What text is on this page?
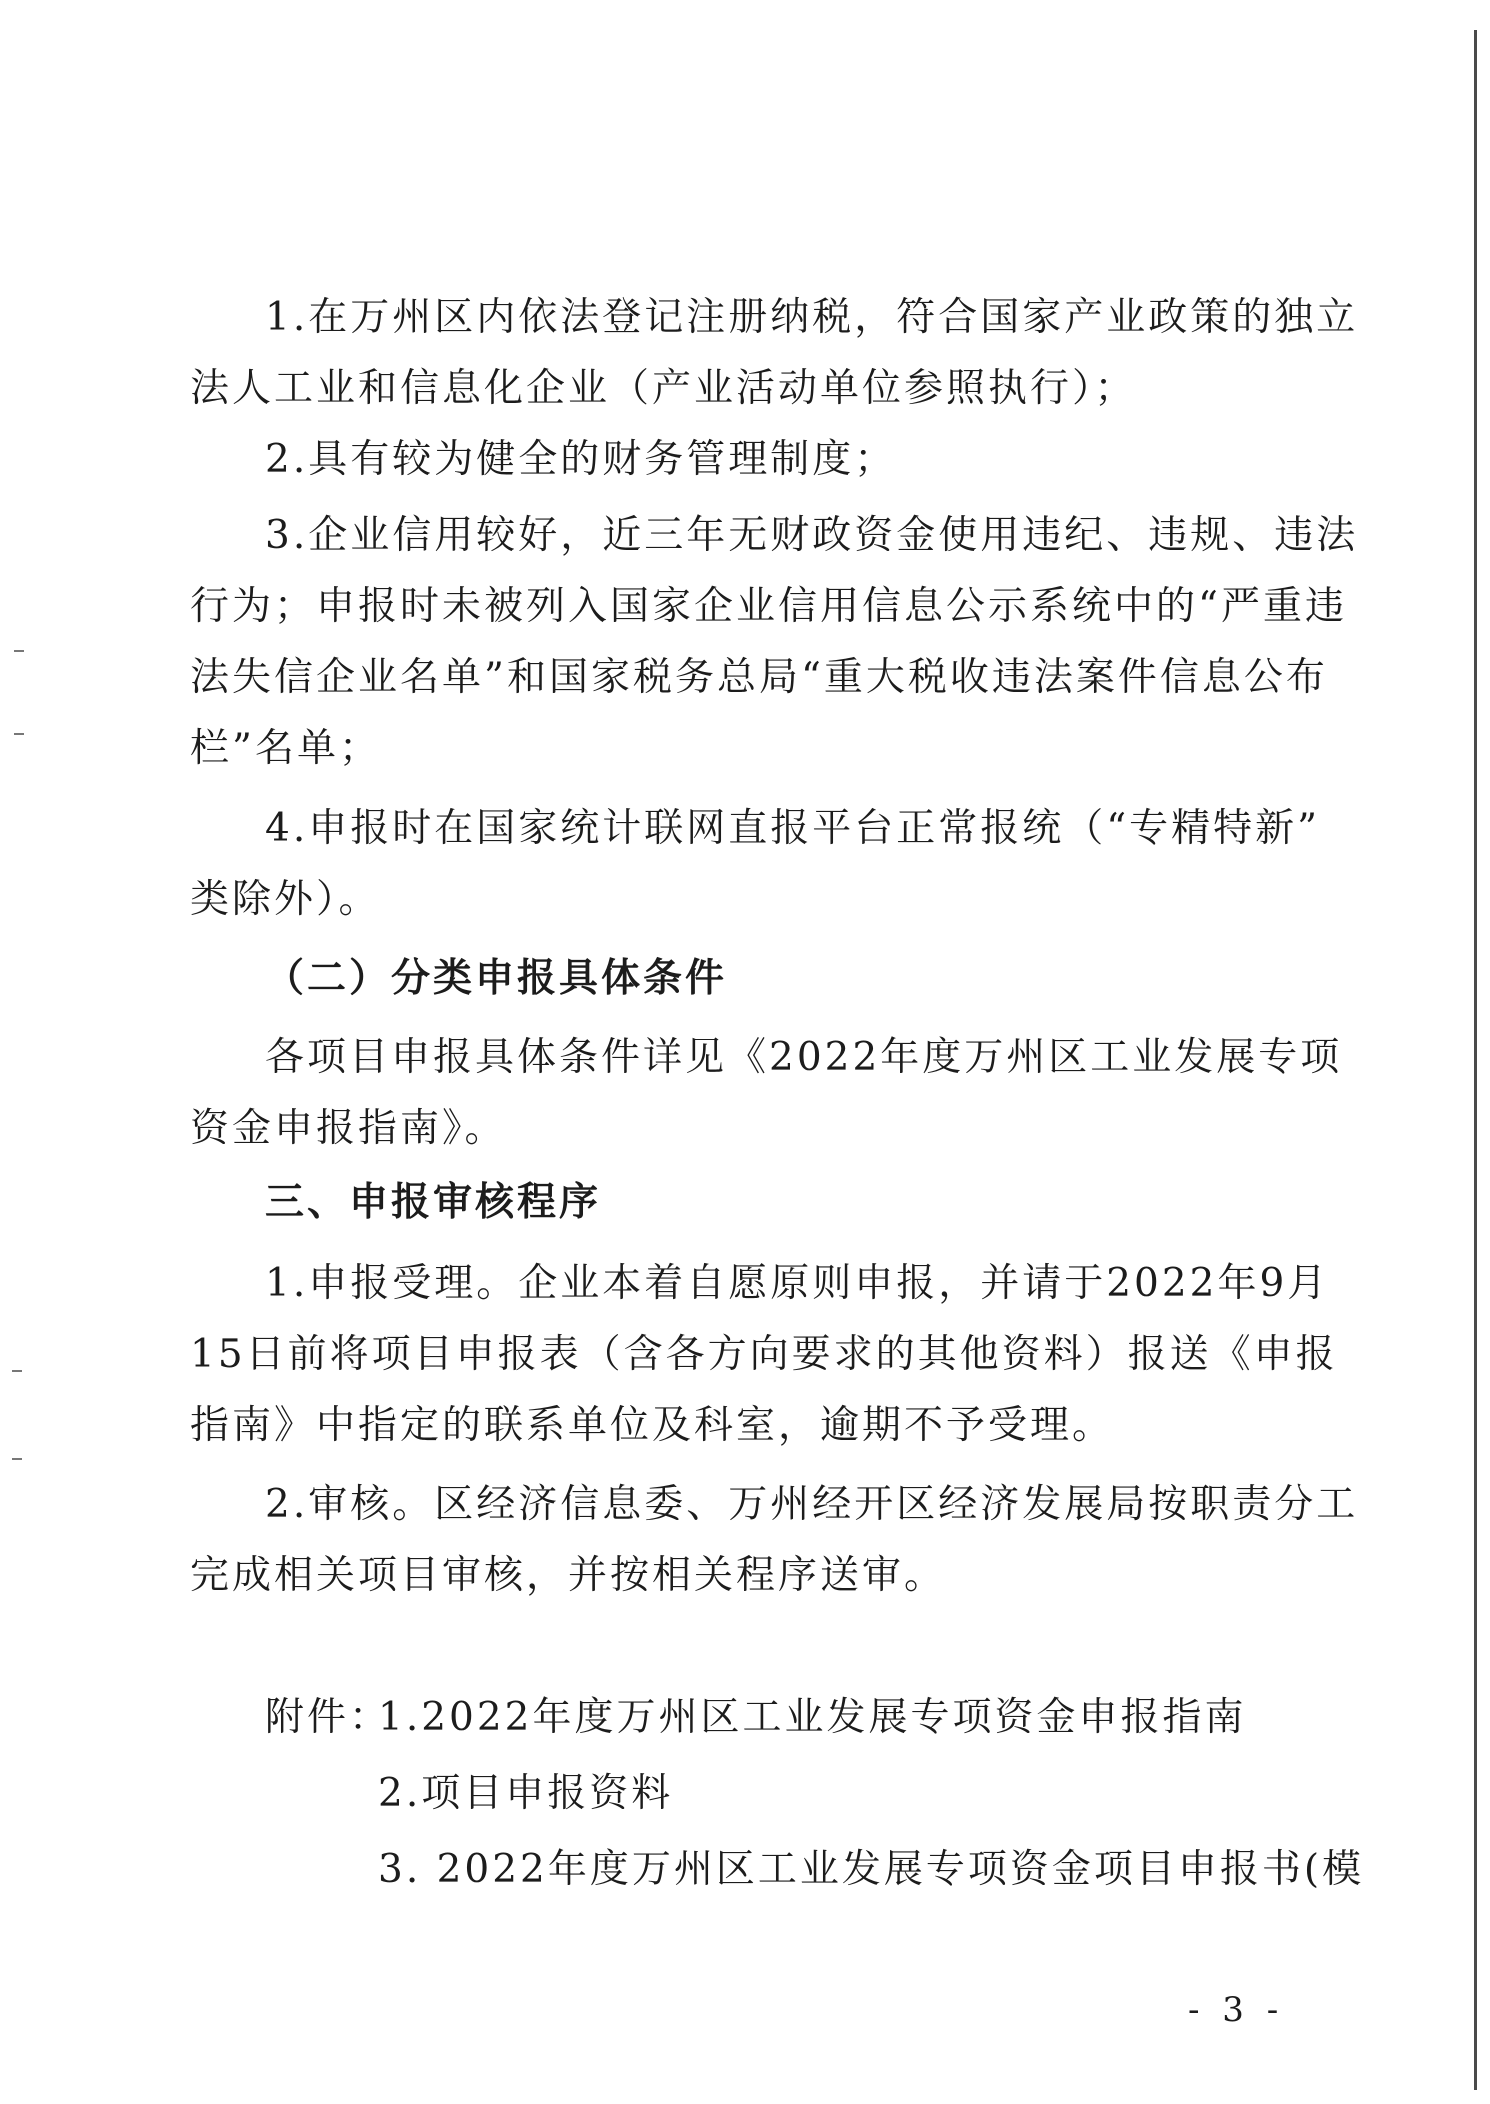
1.在万州区内依法登记注册纳税，符合国家产业政策的独立
法人工业和信息化企业（产业活动单位参照执行）；
2.具有较为健全的财务管理制度；
3.企业信用较好，近三年无财政资金使用违纪、违规、违法
行为；申报时未被列入国家企业信用信息公示系统中的“严重违
法失信企业名单”和国家税务总局“重大税收违法案件信息公布
栏”名单；
4.申报时在国家统计联网直报平台正常报统（“专精特新”
类除外）。
（二）分类申报具体条件
各项目申报具体条件详见《2022年度万州区工业发展专项
资金申报指南》。
三、申报审核程序
1.申报受理。企业本着自愿原则申报，并请于2022年9月
15日前将项目申报表（含各方向要求的其他资料）报送《申报
指南》中指定的联系单位及科室，逾期不予受理。
2.审核。区经济信息委、万州经开区经济发展局按职责分工
完成相关项目审核，并按相关程序送审。
附件：
1.2022年度万州区工业发展专项资金申报指南
2.项目申报资料
3. 2022年度万州区工业发展专项资金项目申报书(模
- 3 -
